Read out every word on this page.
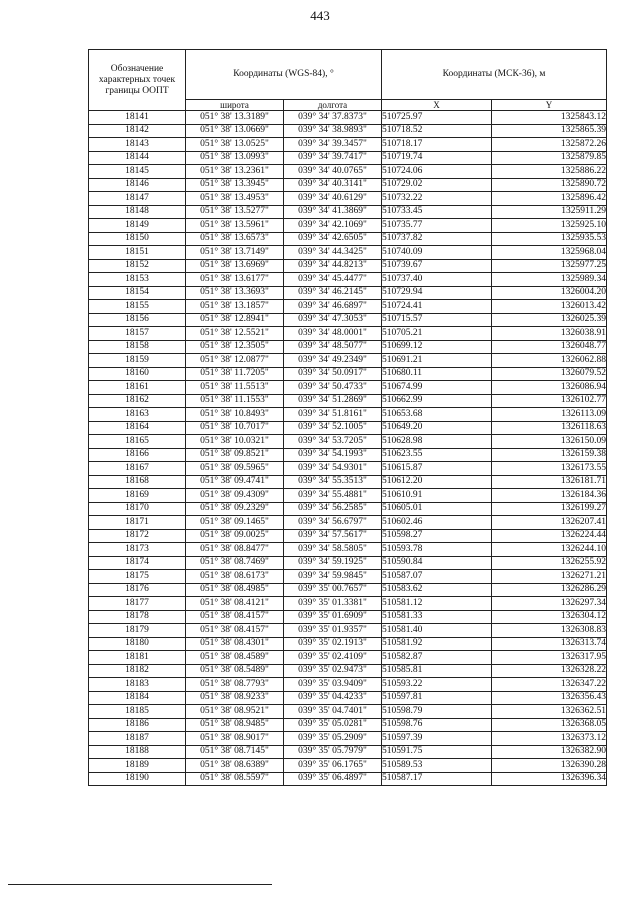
443
Обозначение характерных точек границы ООПТ	Координаты (WGS-84), °		Координаты (МСК-36), м	
	широта	долгота	X	Y
18141	051° 38' 13.3189"	039° 34' 37.8373"	510725.97	1325843.12
18142	051° 38' 13.0669"	039° 34' 38.9893"	510718.52	1325865.39
18143	051° 38' 13.0525"	039° 34' 39.3457"	510718.17	1325872.26
18144	051° 38' 13.0993"	039° 34' 39.7417"	510719.74	1325879.85
18145	051° 38' 13.2361"	039° 34' 40.0765"	510724.06	1325886.22
18146	051° 38' 13.3945"	039° 34' 40.3141"	510729.02	1325890.72
18147	051° 38' 13.4953"	039° 34' 40.6129"	510732.22	1325896.42
18148	051° 38' 13.5277"	039° 34' 41.3869"	510733.45	1325911.29
18149	051° 38' 13.5961"	039° 34' 42.1069"	510735.77	1325925.10
18150	051° 38' 13.6573"	039° 34' 42.6505"	510737.82	1325935.53
18151	051° 38' 13.7149"	039° 34' 44.3425"	510740.09	1325968.04
18152	051° 38' 13.6969"	039° 34' 44.8213"	510739.67	1325977.25
18153	051° 38' 13.6177"	039° 34' 45.4477"	510737.40	1325989.34
18154	051° 38' 13.3693"	039° 34' 46.2145"	510729.94	1326004.20
18155	051° 38' 13.1857"	039° 34' 46.6897"	510724.41	1326013.42
18156	051° 38' 12.8941"	039° 34' 47.3053"	510715.57	1326025.39
18157	051° 38' 12.5521"	039° 34' 48.0001"	510705.21	1326038.91
18158	051° 38' 12.3505"	039° 34' 48.5077"	510699.12	1326048.77
18159	051° 38' 12.0877"	039° 34' 49.2349"	510691.21	1326062.88
18160	051° 38' 11.7205"	039° 34' 50.0917"	510680.11	1326079.52
18161	051° 38' 11.5513"	039° 34' 50.4733"	510674.99	1326086.94
18162	051° 38' 11.1553"	039° 34' 51.2869"	510662.99	1326102.77
18163	051° 38' 10.8493"	039° 34' 51.8161"	510653.68	1326113.09
18164	051° 38' 10.7017"	039° 34' 52.1005"	510649.20	1326118.63
18165	051° 38' 10.0321"	039° 34' 53.7205"	510628.98	1326150.09
18166	051° 38' 09.8521"	039° 34' 54.1993"	510623.55	1326159.38
18167	051° 38' 09.5965"	039° 34' 54.9301"	510615.87	1326173.55
18168	051° 38' 09.4741"	039° 34' 55.3513"	510612.20	1326181.71
18169	051° 38' 09.4309"	039° 34' 55.4881"	510610.91	1326184.36
18170	051° 38' 09.2329"	039° 34' 56.2585"	510605.01	1326199.27
18171	051° 38' 09.1465"	039° 34' 56.6797"	510602.46	1326207.41
18172	051° 38' 09.0025"	039° 34' 57.5617"	510598.27	1326224.44
18173	051° 38' 08.8477"	039° 34' 58.5805"	510593.78	1326244.10
18174	051° 38' 08.7469"	039° 34' 59.1925"	510590.84	1326255.92
18175	051° 38' 08.6173"	039° 34' 59.9845"	510587.07	1326271.21
18176	051° 38' 08.4985"	039° 35' 00.7657"	510583.62	1326286.29
18177	051° 38' 08.4121"	039° 35' 01.3381"	510581.12	1326297.34
18178	051° 38' 08.4157"	039° 35' 01.6909"	510581.33	1326304.12
18179	051° 38' 08.4157"	039° 35' 01.9357"	510581.40	1326308.83
18180	051° 38' 08.4301"	039° 35' 02.1913"	510581.92	1326313.74
18181	051° 38' 08.4589"	039° 35' 02.4109"	510582.87	1326317.95
18182	051° 38' 08.5489"	039° 35' 02.9473"	510585.81	1326328.22
18183	051° 38' 08.7793"	039° 35' 03.9409"	510593.22	1326347.22
18184	051° 38' 08.9233"	039° 35' 04.4233"	510597.81	1326356.43
18185	051° 38' 08.9521"	039° 35' 04.7401"	510598.79	1326362.51
18186	051° 38' 08.9485"	039° 35' 05.0281"	510598.76	1326368.05
18187	051° 38' 08.9017"	039° 35' 05.2909"	510597.39	1326373.12
18188	051° 38' 08.7145"	039° 35' 05.7979"	510591.75	1326382.90
18189	051° 38' 08.6389"	039° 35' 06.1765"	510589.53	1326390.28
18190	051° 38' 08.5597"	039° 35' 06.4897"	510587.17	1326396.34
